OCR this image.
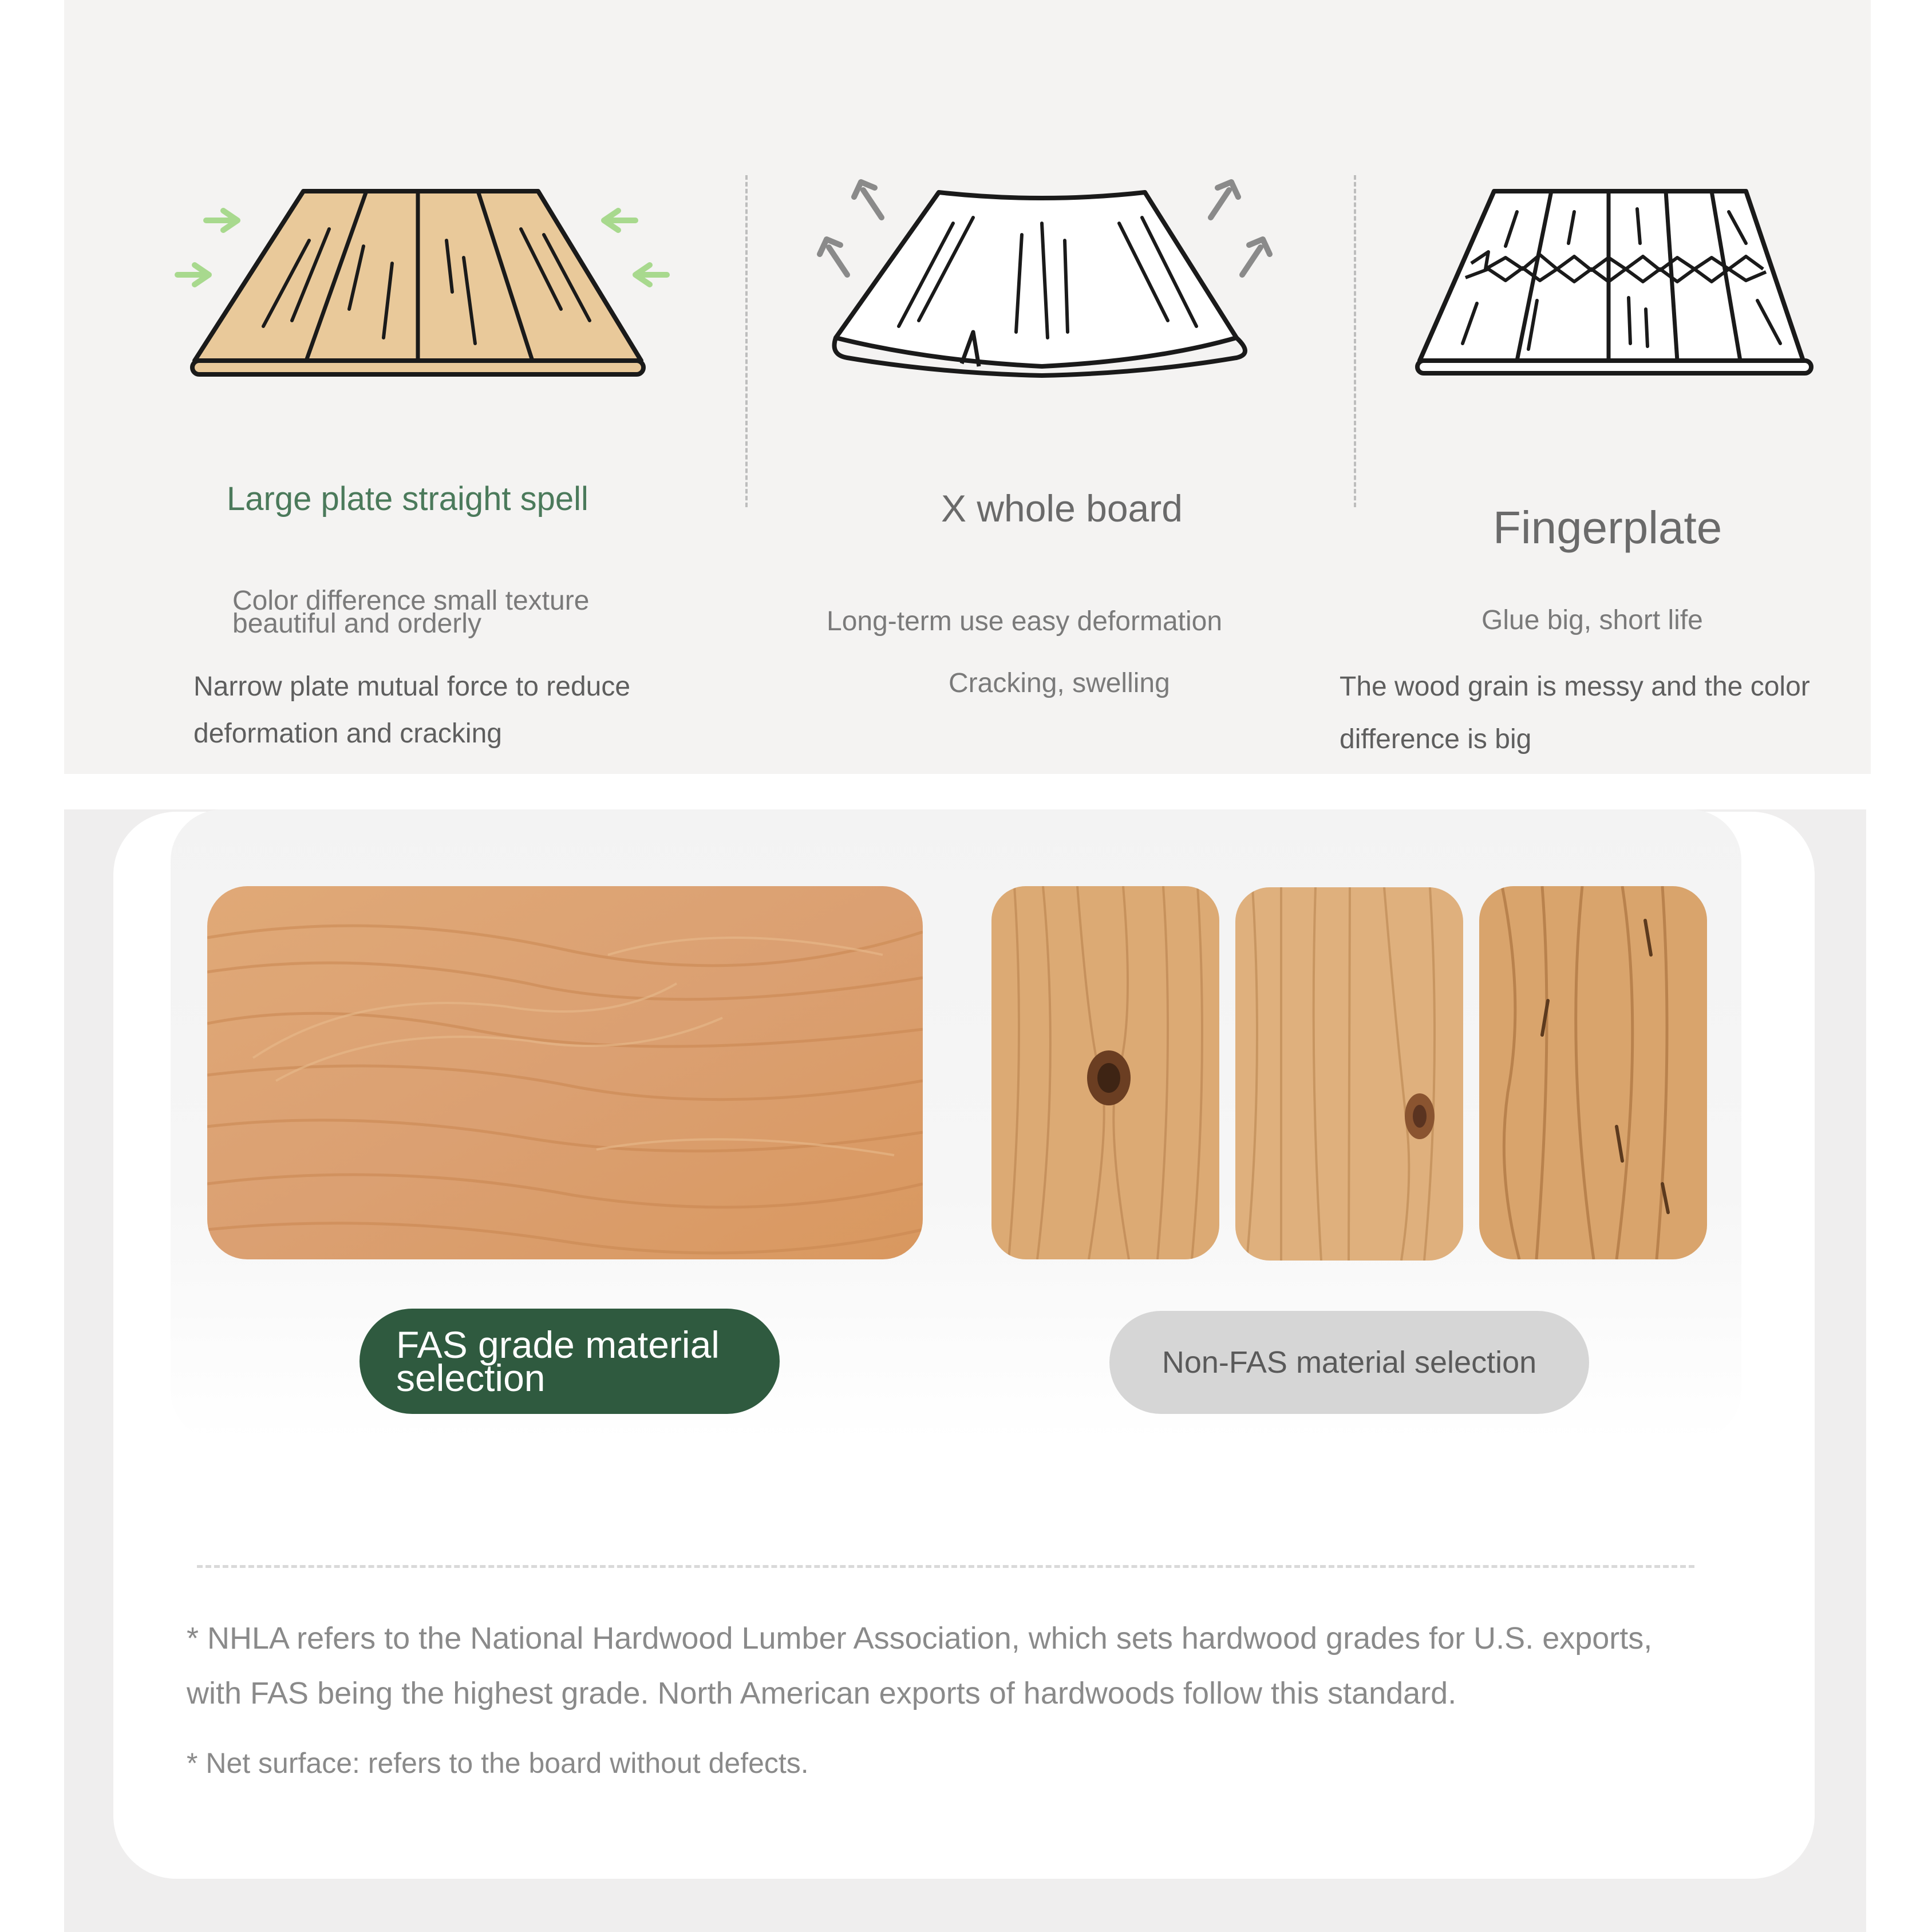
Large plate straight spell

Color difference small texture

beautiful and orderly

Narrow plate mutual force to reduce

deformation and cracking

X whole board

Long-term use easy deformation

Cracking, swelling

Fingerplate

Glue big, short life

The wood grain is messy and the color

difference is big

FAS grade material
selection	Non-FAS material selection

* NHLA refers to the National Hardwood Lumber Association, which sets hardwood grades for U.S. exports,

with FAS being the highest grade. North American exports of hardwoods follow this standard.

* Net surface: refers to the board without defects.
